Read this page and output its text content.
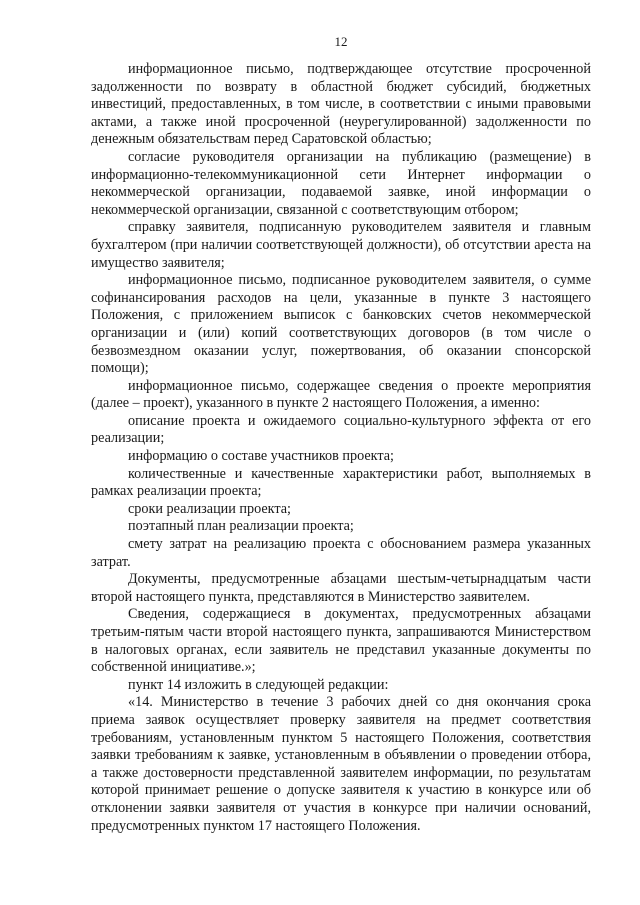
12

информационное письмо, подтверждающее отсутствие просроченной задолженности по возврату в областной бюджет субсидий, бюджетных инвестиций, предоставленных, в том числе, в соответствии с иными правовыми актами, а также иной просроченной (неурегулированной) задолженности по денежным обязательствам перед Саратовской областью;

согласие руководителя организации на публикацию (размещение) в информационно-телекоммуникационной сети Интернет информации о некоммерческой организации, подаваемой заявке, иной информации о некоммерческой организации, связанной с соответствующим отбором;

справку заявителя, подписанную руководителем заявителя и главным бухгалтером (при наличии соответствующей должности), об отсутствии ареста на имущество заявителя;

информационное письмо, подписанное руководителем заявителя, о сумме софинансирования расходов на цели, указанные в пункте 3 настоящего Положения, с приложением выписок с банковских счетов некоммерческой организации и (или) копий соответствующих договоров (в том числе о безвозмездном оказании услуг, пожертвования, об оказании спонсорской помощи);

информационное письмо, содержащее сведения о проекте мероприятия (далее – проект), указанного в пункте 2 настоящего Положения, а именно:

описание проекта и ожидаемого социально-культурного эффекта от его реализации;

информацию о составе участников проекта;

количественные и качественные характеристики работ, выполняемых в рамках реализации проекта;

сроки реализации проекта;

поэтапный план реализации проекта;

смету затрат на реализацию проекта с обоснованием размера указанных затрат.

Документы, предусмотренные абзацами шестым-четырнадцатым части второй настоящего пункта, представляются в Министерство заявителем.

Сведения, содержащиеся в документах, предусмотренных абзацами третьим-пятым части второй настоящего пункта, запрашиваются Министерством в налоговых органах, если заявитель не представил указанные документы по собственной инициативе.»;

пункт 14 изложить в следующей редакции:

«14. Министерство в течение 3 рабочих дней со дня окончания срока приема заявок осуществляет проверку заявителя на предмет соответствия требованиям, установленным пунктом 5 настоящего Положения, соответствия заявки требованиям к заявке, установленным в объявлении о проведении отбора, а также достоверности представленной заявителем информации, по результатам которой принимает решение о допуске заявителя к участию в конкурсе или об отклонении заявки заявителя от участия в конкурсе при наличии оснований, предусмотренных пунктом 17 настоящего Положения.
